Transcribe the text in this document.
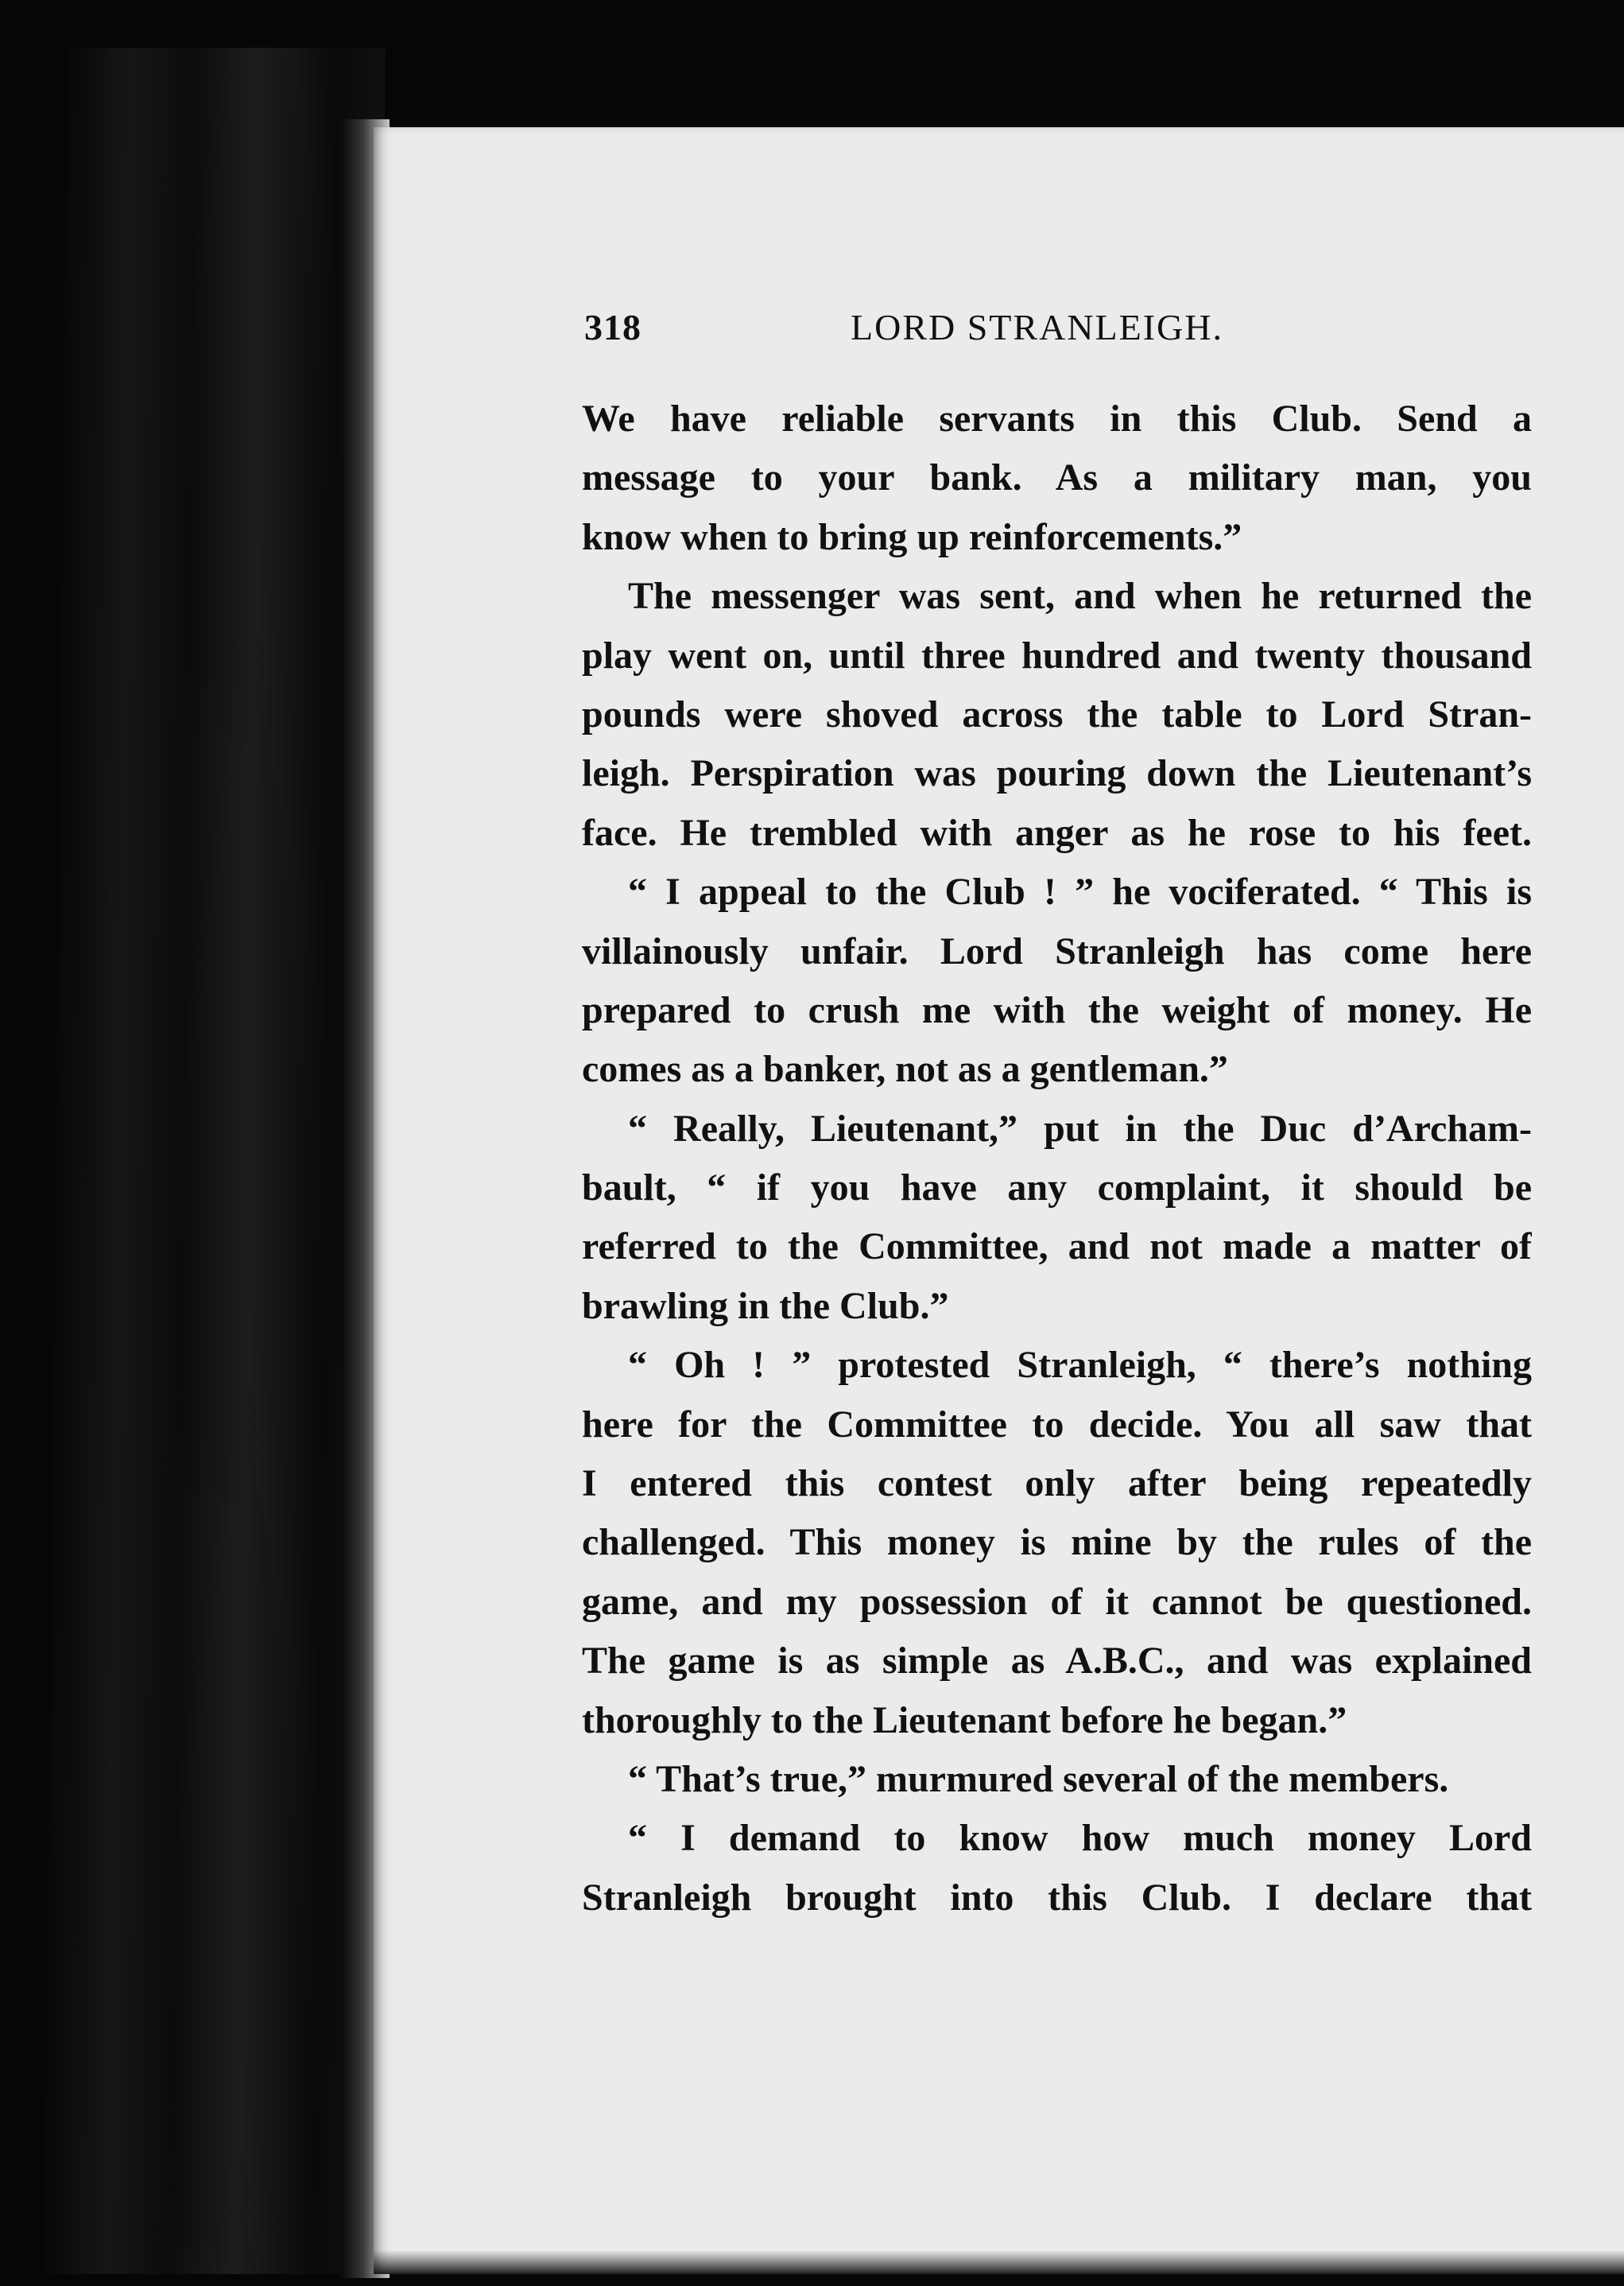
318	LORD STRANLEIGH.
We have reliable servants in this Club. Send a
message to your bank. As a military man, you
know when to bring up reinforcements.”
The messenger was sent, and when he returned the
play went on, until three hundred and twenty thousand
pounds were shoved across the table to Lord Stran-
leigh. Perspiration was pouring down the Lieutenant’s
face. He trembled with anger as he rose to his feet.
“ I appeal to the Club ! ” he vociferated. “ This is
villainously unfair. Lord Stranleigh has come here
prepared to crush me with the weight of money. He
comes as a banker, not as a gentleman.”
“ Really, Lieutenant,” put in the Duc d’Archam-
bault, “ if you have any complaint, it should be
referred to the Committee, and not made a matter of
brawling in the Club.”
“ Oh ! ” protested Stranleigh, “ there’s nothing
here for the Committee to decide. You all saw that
I entered this contest only after being repeatedly
challenged. This money is mine by the rules of the
game, and my possession of it cannot be questioned.
The game is as simple as A.B.C., and was explained
thoroughly to the Lieutenant before he began.”
“ That’s true,” murmured several of the members.
“ I demand to know how much money Lord
Stranleigh brought into this Club. I declare that
